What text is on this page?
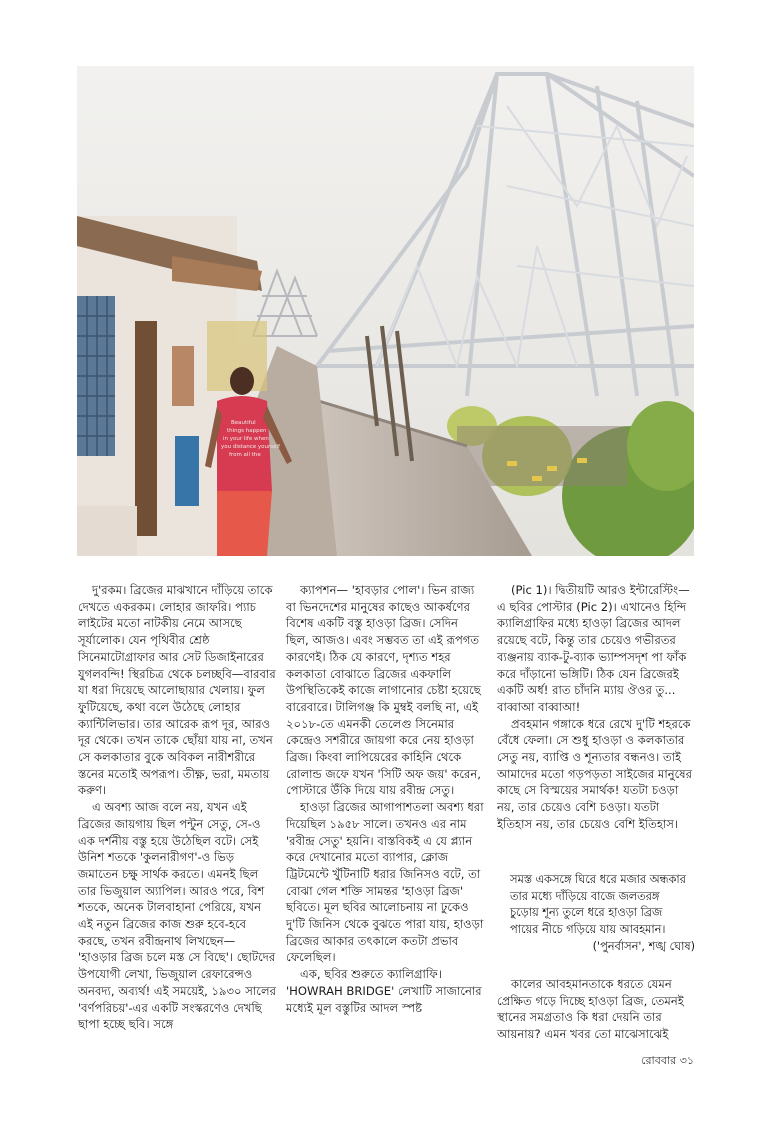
Beautiful
things happen
in your life when
you distance yourself
from all the

দু'রকম। ব্রিজের মাঝখানে দাঁড়িয়ে তাকে দেখতে একরকম। লোহার জাফরি। প্যাচ লাইটের মতো নাটকীয় নেমে আসছে সূর্যালোক। যেন পৃথিবীর শ্রেষ্ঠ সিনেমাটোগ্রাফার আর সেট ডিজাইনারের যুগলবন্দি! স্থিরচিত্র থেকে চলচ্ছবি—বারবার যা ধরা দিয়েছে আলোছায়ার খেলায়। ফুল ফুটিয়েছে, কথা বলে উঠেছে লোহার ক্যান্টিলিভার। তার আরেক রূপ দূর, আরও দূর থেকে। তখন তাকে ছোঁয়া যায় না, তখন সে কলকাতার বুকে অবিকল নারীশরীরে স্তনের মতোই অপরূপ। তীক্ষ্ণ, ভরা, মমতায় করুণ।

এ অবশ্য আজ বলে নয়, যখন এই ব্রিজের জায়গায় ছিল পন্টুন সেতু, সে-ও এক দর্শনীয় বস্তু হয়ে উঠেছিল বটে। সেই উনিশ শতকে 'কুলনারীগণ'-ও ভিড় জমাতেন চক্ষু সার্থক করতে। এমনই ছিল তার ভিজুয়াল অ্যাপিল। আরও পরে, বিশ শতকে, অনেক টালবাহানা পেরিয়ে, যখন এই নতুন ব্রিজের কাজ শুরু হবে-হবে করছে, তখন রবীন্দ্রনাথ লিখছেন— 'হাওড়ার ব্রিজ চলে মস্ত সে বিছে'। ছোটদের উপযোগী লেখা, ভিজুয়াল রেফারেন্সও অনবদ্য, অব্যর্থ! এই সময়েই, ১৯৩০ সালের 'বর্ণপরিচয়'-এর একটি সংস্করণেও দেখছি ছাপা হচ্ছে ছবি। সঙ্গে

ক্যাপশন— 'হাবড়ার পোল'। ভিন রাজ্য বা ভিনদেশের মানুষের কাছেও আকর্ষণের বিশেষ একটি বস্তু হাওড়া ব্রিজ। সেদিন ছিল, আজও। এবং সম্ভবত তা এই রূপগত কারণেই। ঠিক যে কারণে, দৃশ্যত শহর কলকাতা বোঝাতে ব্রিজের একফালি উপস্থিতিকেই কাজে লাগানোর চেষ্টা হয়েছে বারেবারে। টালিগঞ্জ কি মুম্বই বলছি না, এই ২০১৮-তে এমনকী তেলেগু সিনেমার কেন্দ্রেও সশরীরে জায়গা করে নেয় হাওড়া ব্রিজ। কিংবা লাপিয়েরের কাহিনি থেকে রোলান্ড জফে যখন 'সিটি অফ জয়' করেন, পোস্টারে উঁকি দিয়ে যায় রবীন্দ্র সেতু।

হাওড়া ব্রিজের আগাপাশতলা অবশ্য ধরা দিয়েছিল ১৯৫৮ সালে। তখনও এর নাম 'রবীন্দ্র সেতু' হয়নি। বাস্তবিকই এ যে প্ল্যান করে দেখানোর মতো ব্যাপার, ক্লোজ ট্রিটমেন্টে খুঁটিনাটি ধরার জিনিসও বটে, তা বোঝা গেল শক্তি সামন্তর 'হাওড়া ব্রিজ' ছবিতে। মূল ছবির আলোচনায় না ঢুকেও দু'টি জিনিস থেকে বুঝতে পারা যায়, হাওড়া ব্রিজের আকার তৎকালে কতটা প্রভাব ফেলেছিল।

এক, ছবির শুরুতে ক্যালিগ্রাফি। 'HOWRAH BRIDGE' লেখাটি সাজানোর মধ্যেই মূল বস্তুটির আদল স্পষ্ট

(Pic 1)। দ্বিতীয়টি আরও ইন্টারেস্টিং— এ ছবির পোস্টার (Pic 2)। এখানেও হিন্দি ক্যালিগ্রাফির মধ্যে হাওড়া ব্রিজের আদল রয়েছে বটে, কিন্তু তার চেয়েও গভীরতর ব্যঞ্জনায় ব্যাক-টু-ব্যাক ভ্যাম্পসদৃশ পা ফাঁক করে দাঁড়ানো ভঙ্গিটি। ঠিক যেন ব্রিজেরই একটি অর্ধ! রাত চাঁদনি ম্যায় ঔওর তু... বাব্বাআ বাব্বাআ!

প্রবহমান গঙ্গাকে ধরে রেখে দু'টি শহরকে বেঁধে ফেলা। সে শুধু হাওড়া ও কলকাতার সেতু নয়, ব্যাপ্তি ও শূন্যতার বন্ধনও। তাই আমাদের মতো গড়পড়তা সাইজের মানুষের কাছে সে বিস্ময়ের সমার্থক! যতটা চওড়া নয়, তার চেয়েও বেশি চওড়া। যতটা ইতিহাস নয়, তার চেয়েও বেশি ইতিহাস।

সমস্ত একসঙ্গে ঘিরে ধরে মজার অন্ধকার
তার মধ্যে দাঁড়িয়ে বাজে জলতরঙ্গ
চুড়োয় শূন্য তুলে ধরে হাওড়া ব্রিজ
পায়ের নীচে গড়িয়ে যায় আবহমান।
('পুনর্বাসন', শঙ্খ ঘোষ)

কালের আবহমানতাকে ধরতে যেমন প্রেক্ষিত গড়ে দিচ্ছে হাওড়া ব্রিজ, তেমনই স্থানের সমগ্রতাও কি ধরা দেয়নি তার আয়নায়? এমন খবর তো মাঝেসাঝেই

রোববার ৩১
